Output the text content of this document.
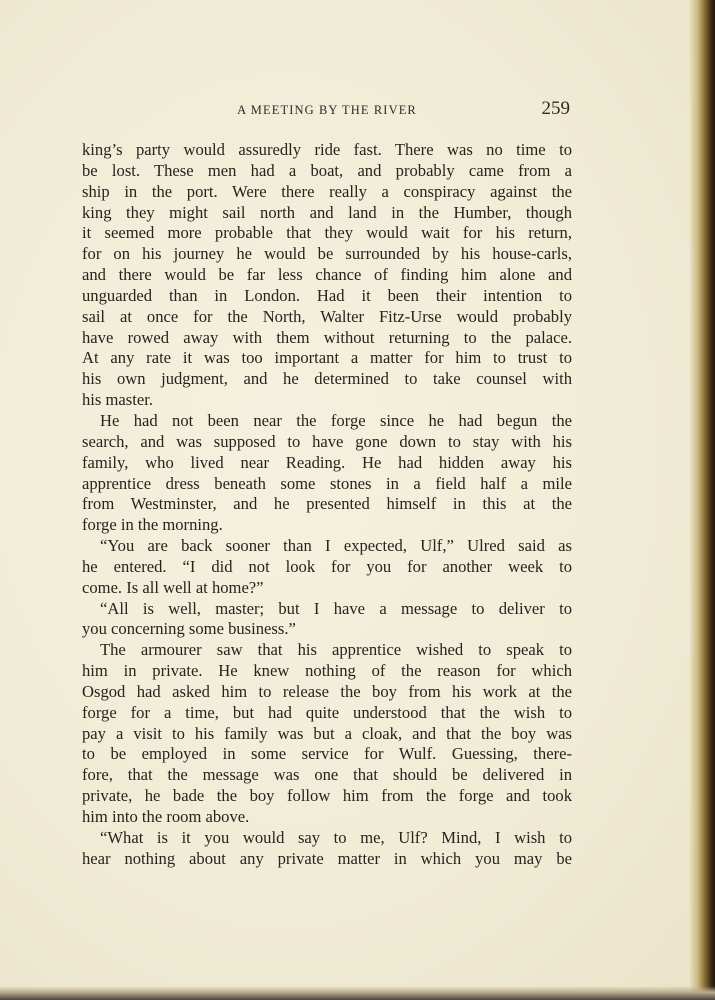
A MEETING BY THE RIVER	259
king’s party would assuredly ride fast. There was no time to
be lost. These men had a boat, and probably came from a
ship in the port. Were there really a conspiracy against the
king they might sail north and land in the Humber, though
it seemed more probable that they would wait for his return,
for on his journey he would be surrounded by his house-carls,
and there would be far less chance of finding him alone and
unguarded than in London. Had it been their intention to
sail at once for the North, Walter Fitz-Urse would probably
have rowed away with them without returning to the palace.
At any rate it was too important a matter for him to trust to
his own judgment, and he determined to take counsel with
his master.
He had not been near the forge since he had begun the
search, and was supposed to have gone down to stay with his
family, who lived near Reading. He had hidden away his
apprentice dress beneath some stones in a field half a mile
from Westminster, and he presented himself in this at the
forge in the morning.
“You are back sooner than I expected, Ulf,” Ulred said as
he entered. “I did not look for you for another week to
come. Is all well at home?”
“All is well, master; but I have a message to deliver to
you concerning some business.”
The armourer saw that his apprentice wished to speak to
him in private. He knew nothing of the reason for which
Osgod had asked him to release the boy from his work at the
forge for a time, but had quite understood that the wish to
pay a visit to his family was but a cloak, and that the boy was
to be employed in some service for Wulf. Guessing, there-
fore, that the message was one that should be delivered in
private, he bade the boy follow him from the forge and took
him into the room above.
“What is it you would say to me, Ulf? Mind, I wish to
hear nothing about any private matter in which you may be
